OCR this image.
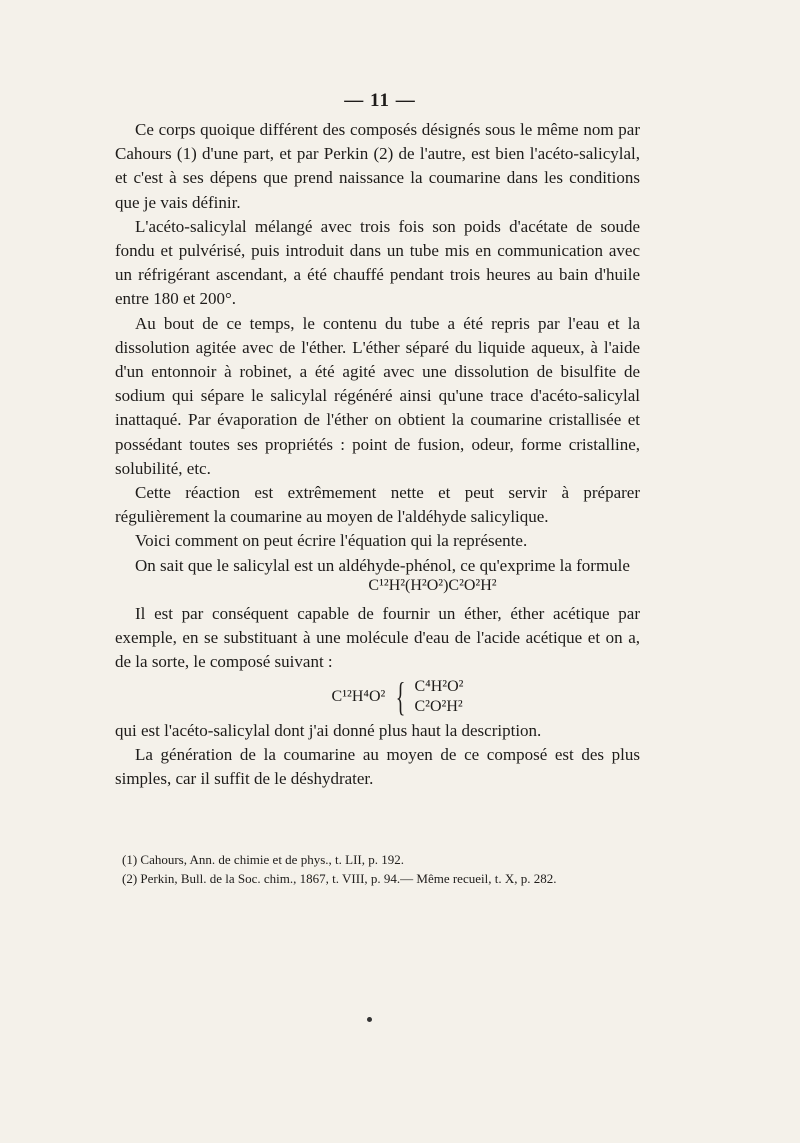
— 11 —

Ce corps quoique différent des composés désignés sous le même nom par Cahours (1) d'une part, et par Perkin (2) de l'autre, est bien l'acéto-salicylal, et c'est à ses dépens que prend naissance la coumarine dans les conditions que je vais définir.

L'acéto-salicylal mélangé avec trois fois son poids d'acétate de soude fondu et pulvérisé, puis introduit dans un tube mis en communication avec un réfrigérant ascendant, a été chauffé pendant trois heures au bain d'huile entre 180 et 200°.

Au bout de ce temps, le contenu du tube a été repris par l'eau et la dissolution agitée avec de l'éther. L'éther séparé du liquide aqueux, à l'aide d'un entonnoir à robinet, a été agité avec une dissolution de bisulfite de sodium qui sépare le salicylal régénéré ainsi qu'une trace d'acéto-salicylal inattaqué. Par évaporation de l'éther on obtient la coumarine cristallisée et possédant toutes ses propriétés : point de fusion, odeur, forme cristalline, solubilité, etc.

Cette réaction est extrêmement nette et peut servir à préparer régulièrement la coumarine au moyen de l'aldéhyde salicylique.

Voici comment on peut écrire l'équation qui la représente.

On sait que le salicylal est un aldéhyde-phénol, ce qu'exprime la formule

C¹²H²(H²O²)C²O²H²

Il est par conséquent capable de fournir un éther, éther acétique par exemple, en se substituant à une molécule d'eau de l'acide acétique et on a, de la sorte, le composé suivant :

C¹²H⁴O² { C⁴H²O²
C²O²H²

qui est l'acéto-salicylal dont j'ai donné plus haut la description.

La génération de la coumarine au moyen de ce composé est des plus simples, car il suffit de le déshydrater.

(1) Cahours, Ann. de chimie et de phys., t. LII, p. 192.

(2) Perkin, Bull. de la Soc. chim., 1867, t. VIII, p. 94.— Même recueil, t. X, p. 282.
